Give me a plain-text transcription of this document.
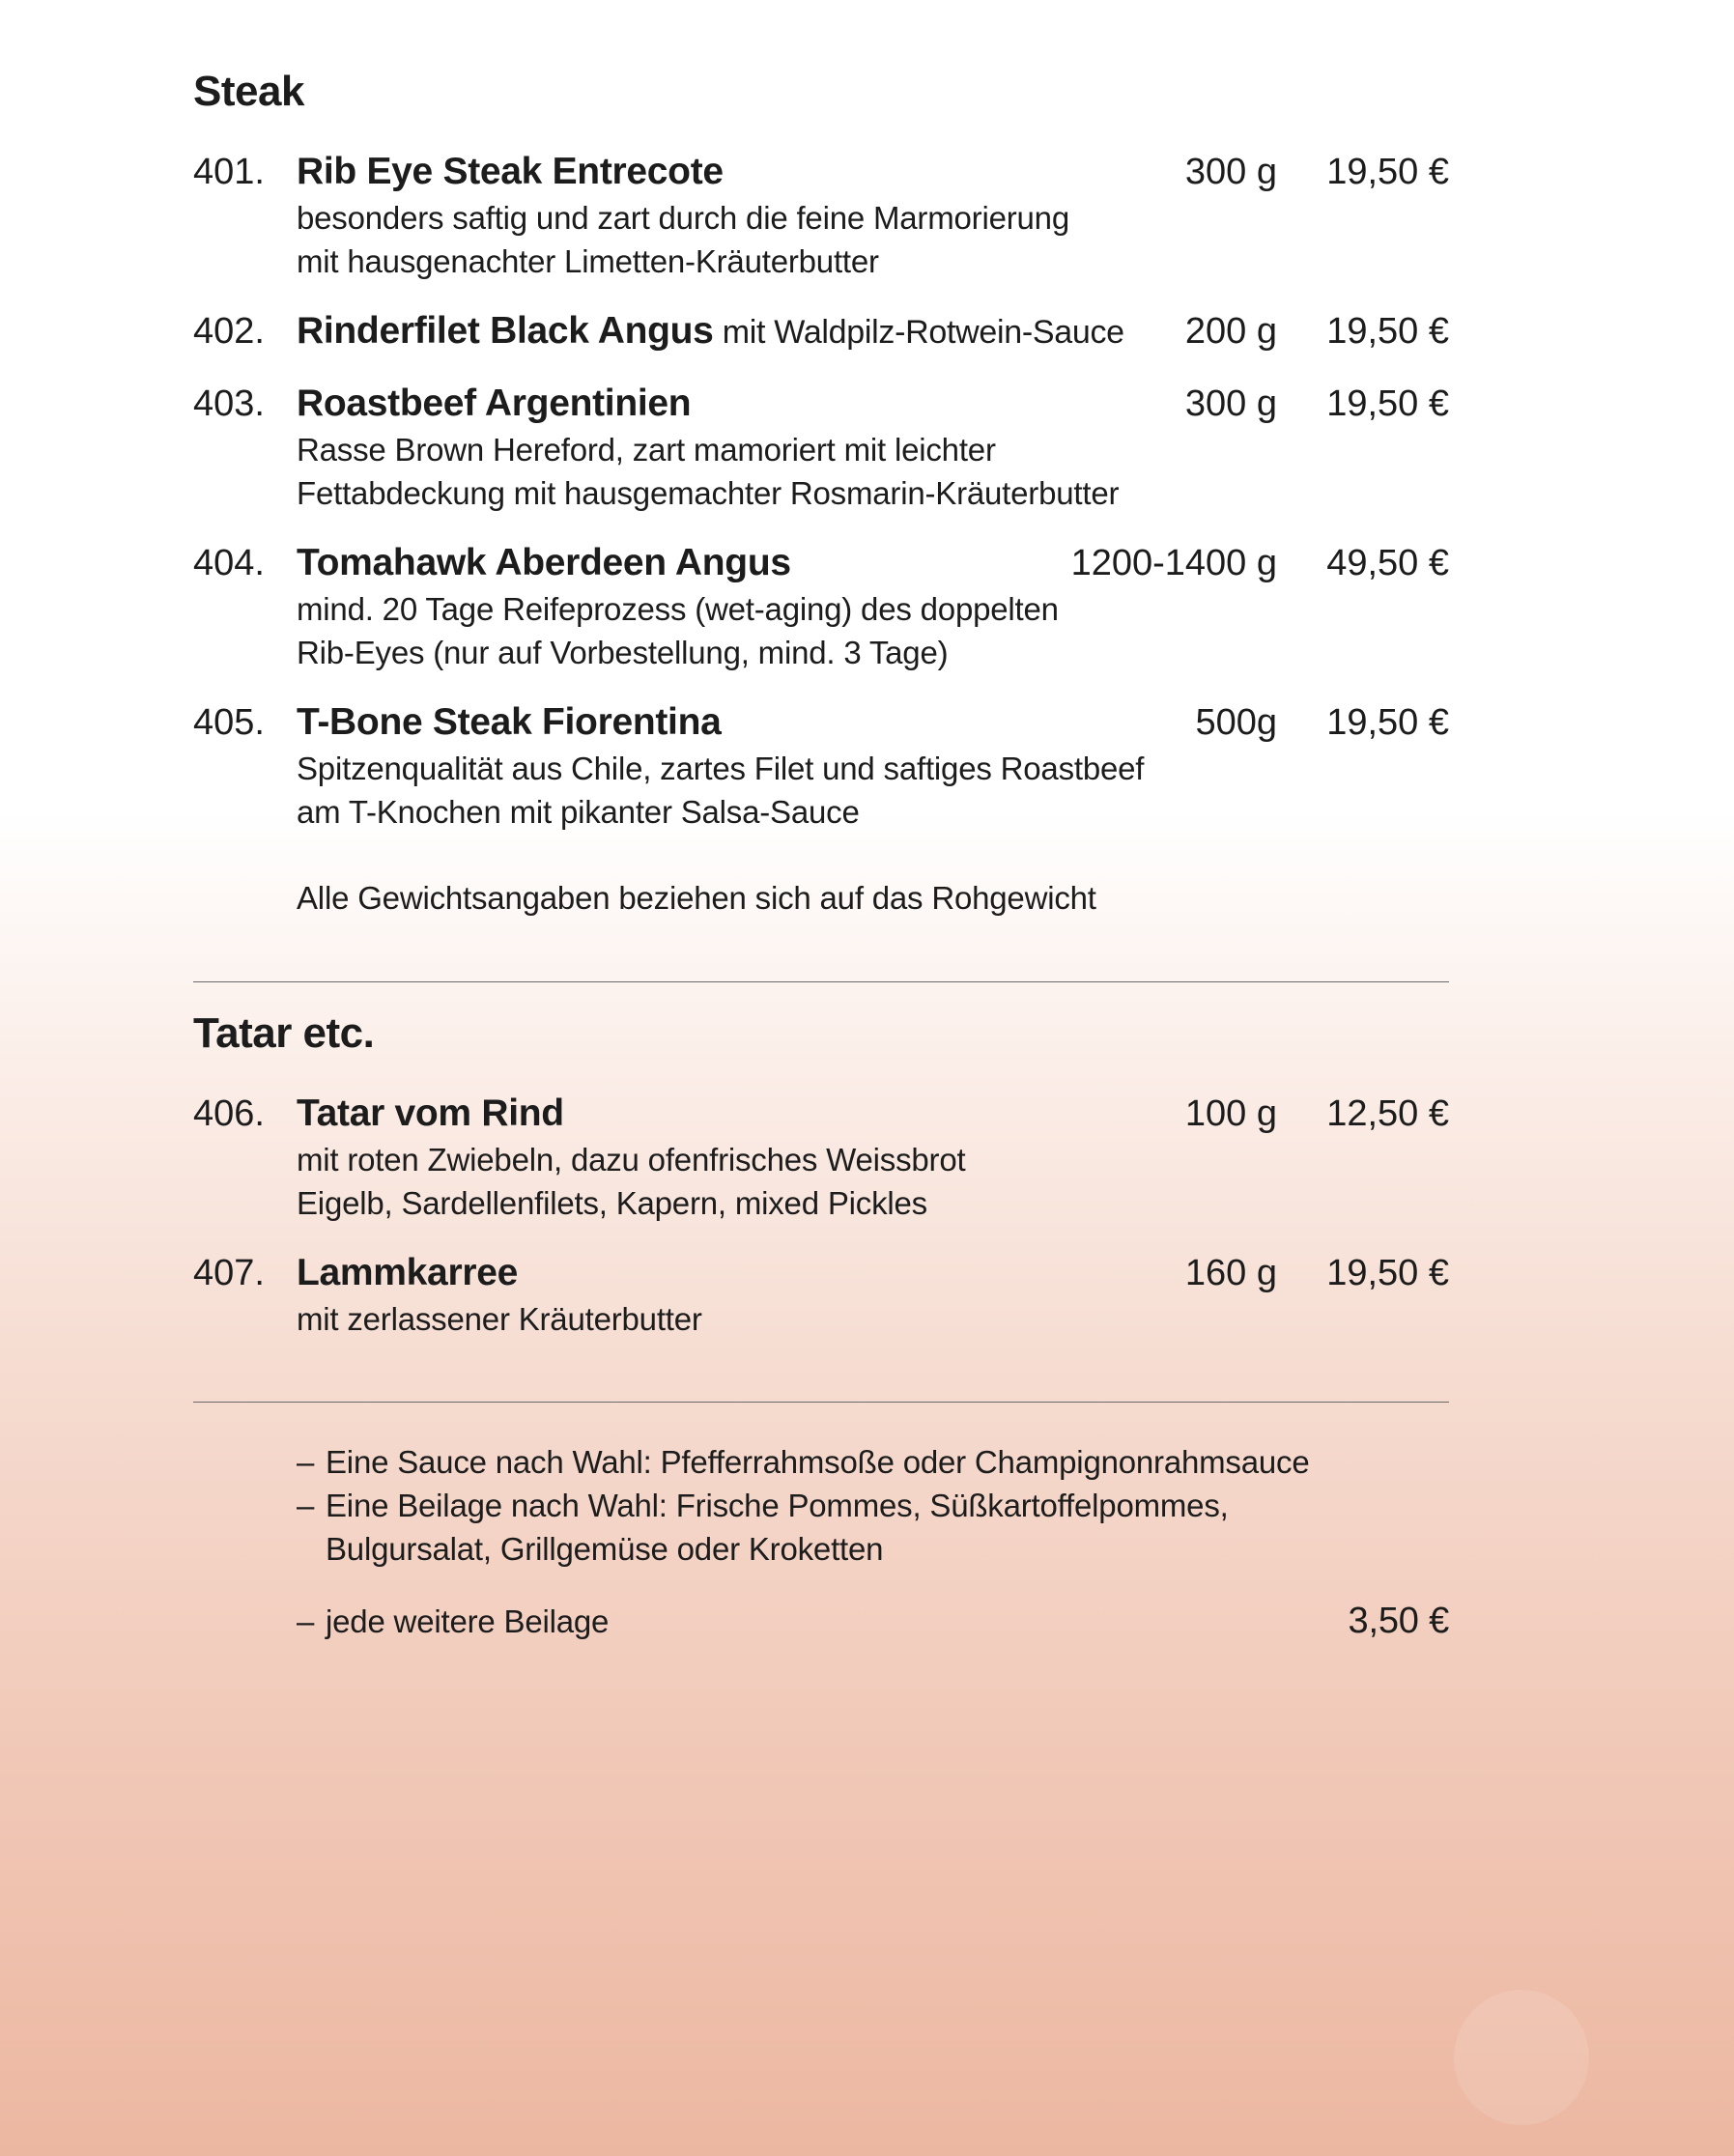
Steak
401. Rib Eye Steak Entrecote	300 g 19,50 €
besonders saftig und zart durch die feine Marmorierung
mit hausgenachter Limetten-Kräuterbutter
402. Rinderfilet Black Angus mit Waldpilz-Rotwein-Sauce 200 g 19,50 €
403. Roastbeef Argentinien	300 g 19,50 €
Rasse Brown Hereford, zart mamoriert mit leichter
Fettabdeckung mit hausgemachter Rosmarin-Kräuterbutter
404. Tomahawk Aberdeen Angus	1200-1400 g 49,50 €
mind. 20 Tage Reifeprozess (wet-aging) des doppelten
Rib-Eyes (nur auf Vorbestellung, mind. 3 Tage)
405. T-Bone Steak Fiorentina	500g 19,50 €
Spitzenqualität aus Chile, zartes Filet und saftiges Roastbeef
am T-Knochen mit pikanter Salsa-Sauce
Alle Gewichtsangaben beziehen sich auf das Rohgewicht
Tatar etc.
406. Tatar vom Rind	100 g 12,50 €
mit roten Zwiebeln, dazu ofenfrisches Weissbrot
Eigelb, Sardellenfilets, Kapern, mixed Pickles
407. Lammkarree	160 g 19,50 €
mit zerlassener Kräuterbutter
– Eine Sauce nach Wahl: Pfefferrahmsoße oder Champignonrahmsauce
– Eine Beilage nach Wahl: Frische Pommes, Süßkartoffelpommes,
Bulgursalat, Grillgemüse oder Kroketten
– jede weitere Beilage	3,50 €
